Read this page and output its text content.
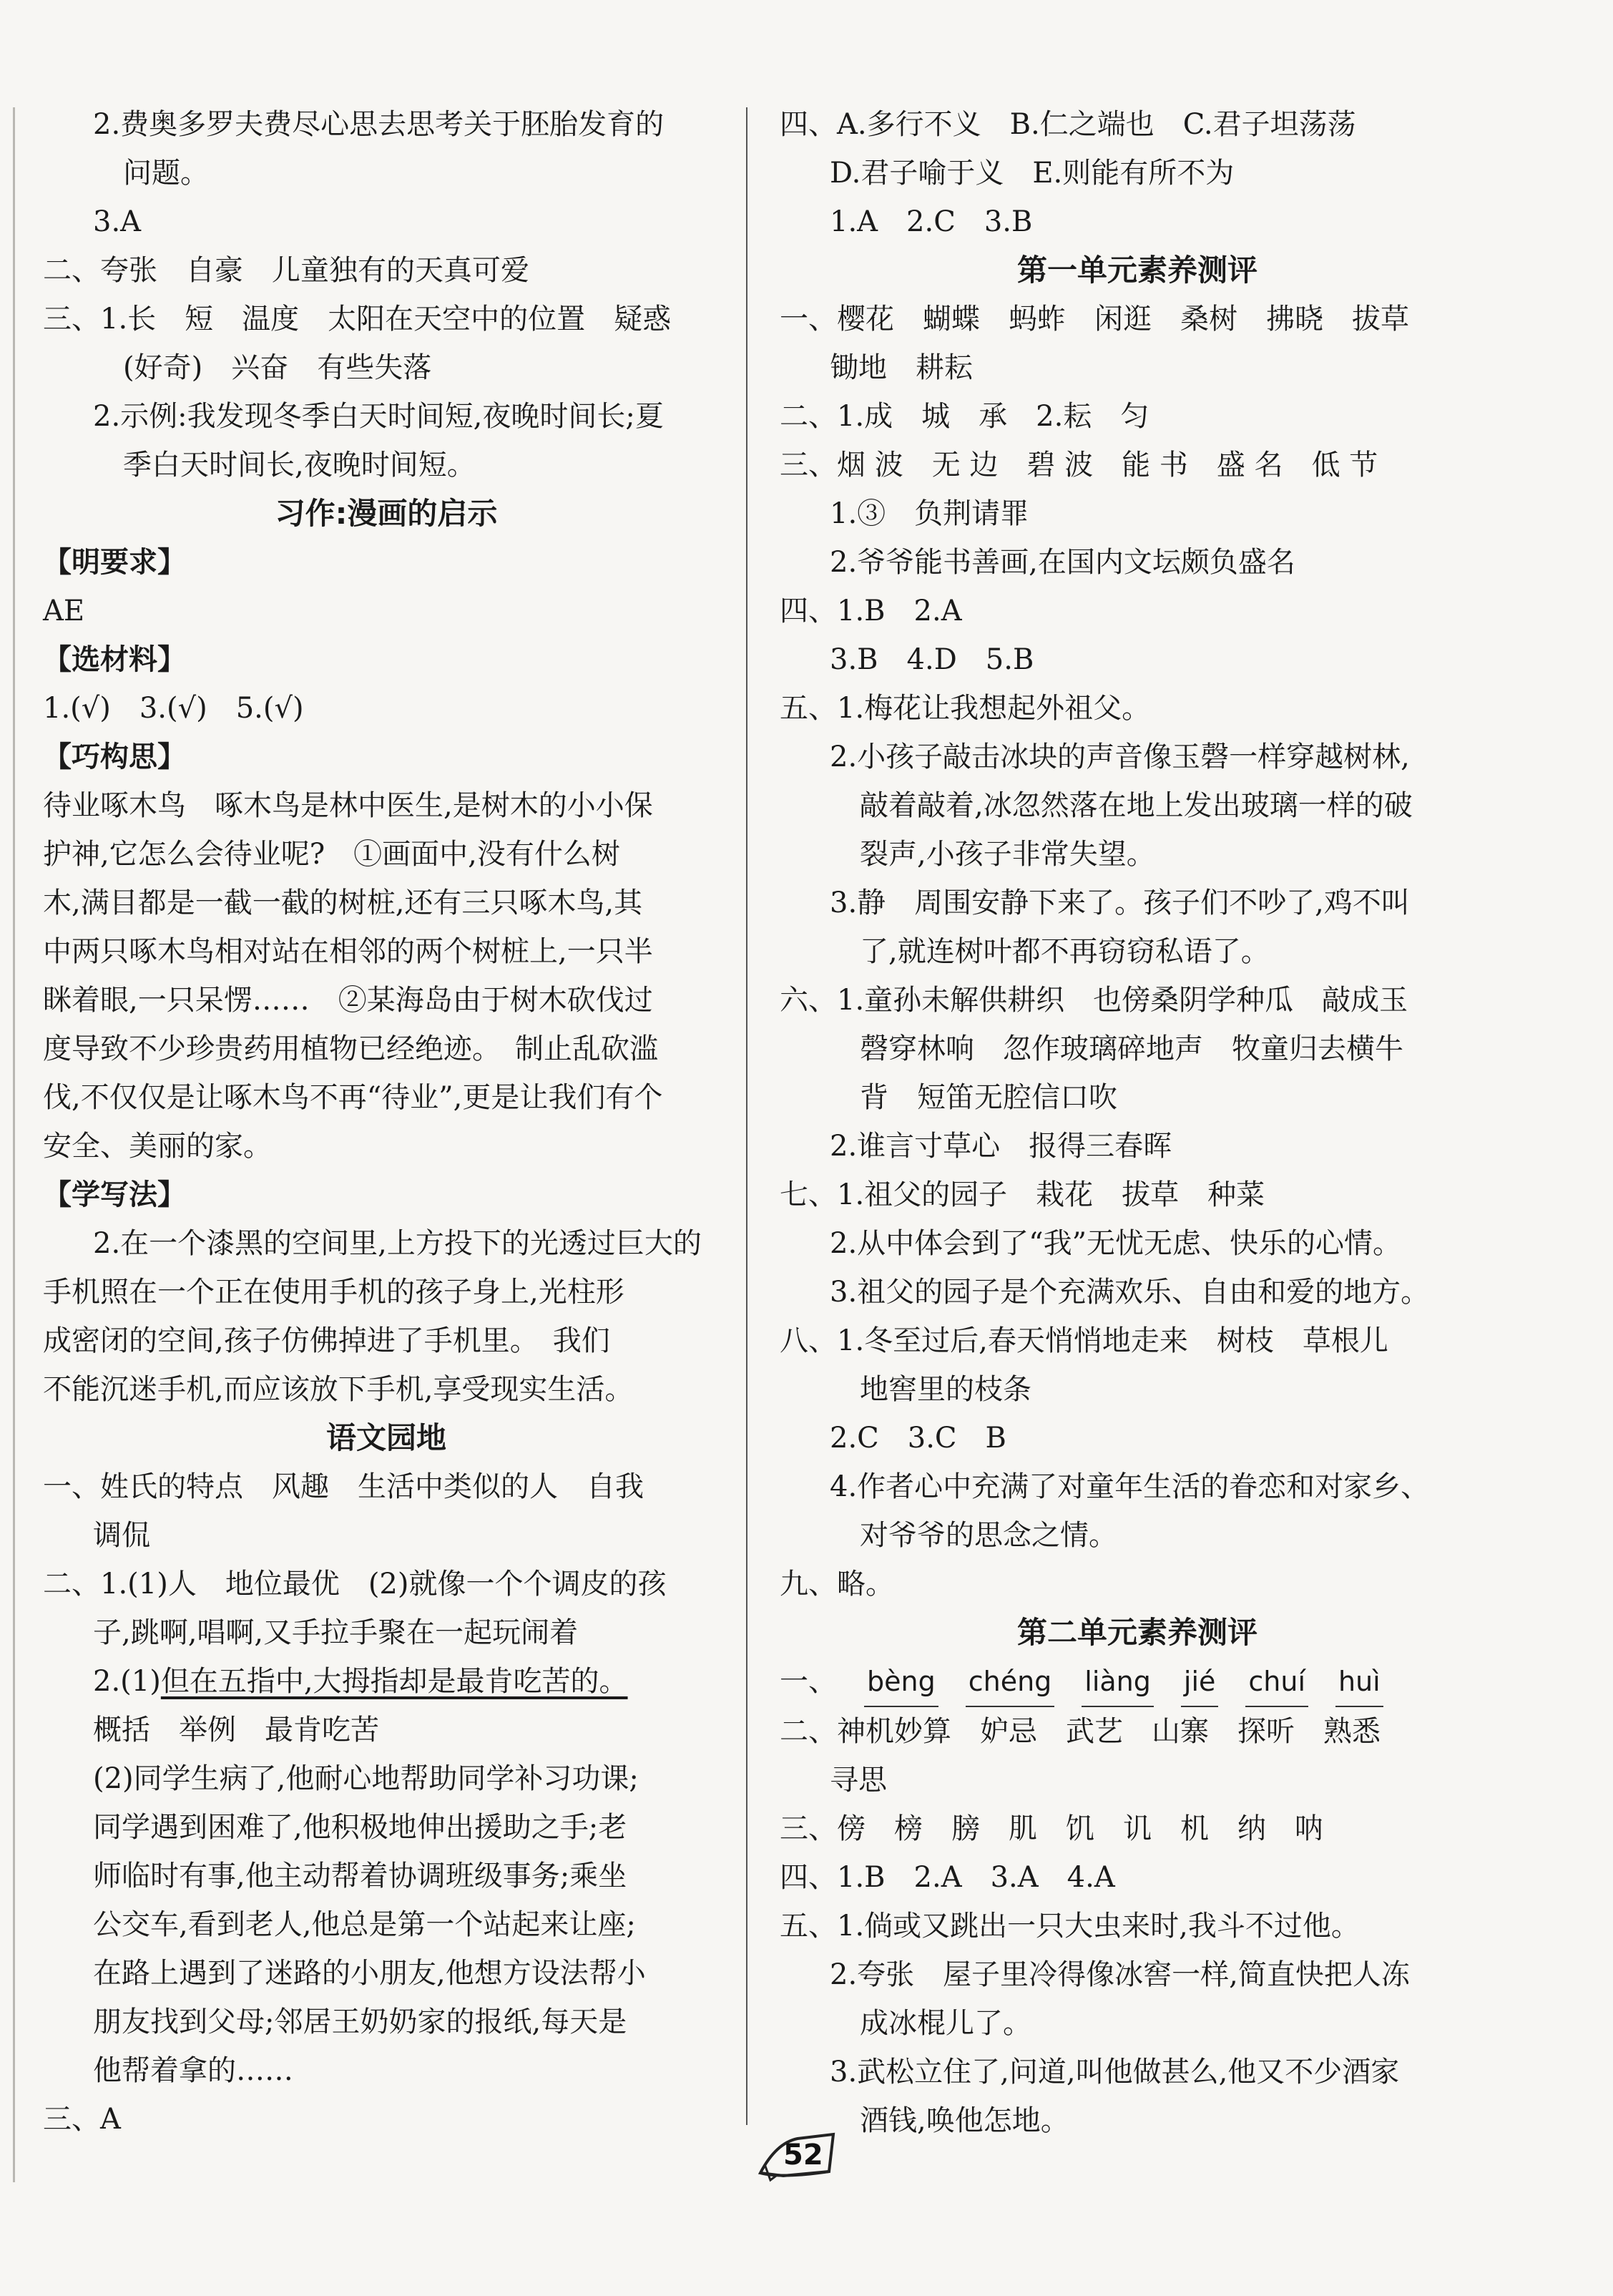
2.费奥多罗夫费尽心思去思考关于胚胎发育的
问题。
3.A
二、夸张　自豪　儿童独有的天真可爱
三、1.长　短　温度　太阳在天空中的位置　疑惑
(好奇)　兴奋　有些失落
2.示例:我发现冬季白天时间短,夜晚时间长;夏
季白天时间长,夜晚时间短。
习作:漫画的启示
【明要求】
AE
【选材料】
1.(√)　3.(√)　5.(√)
【巧构思】
待业啄木鸟　啄木鸟是林中医生,是树木的小小保
护神,它怎么会待业呢?　①画面中,没有什么树
木,满目都是一截一截的树桩,还有三只啄木鸟,其
中两只啄木鸟相对站在相邻的两个树桩上,一只半
眯着眼,一只呆愣……　②某海岛由于树木砍伐过
度导致不少珍贵药用植物已经绝迹。　制止乱砍滥
伐,不仅仅是让啄木鸟不再“待业”,更是让我们有个
安全、美丽的家。
【学写法】
2.在一个漆黑的空间里,上方投下的光透过巨大的
手机照在一个正在使用手机的孩子身上,光柱形
成密闭的空间,孩子仿佛掉进了手机里。　我们
不能沉迷手机,而应该放下手机,享受现实生活。
语文园地
一、姓氏的特点　风趣　生活中类似的人　自我
调侃
二、1.(1)人　地位最优　(2)就像一个个调皮的孩
子,跳啊,唱啊,又手拉手聚在一起玩闹着
2.(1)但在五指中,大拇指却是最肯吃苦的。
概括　举例　最肯吃苦
(2)同学生病了,他耐心地帮助同学补习功课;
同学遇到困难了,他积极地伸出援助之手;老
师临时有事,他主动帮着协调班级事务;乘坐
公交车,看到老人,他总是第一个站起来让座;
在路上遇到了迷路的小朋友,他想方设法帮小
朋友找到父母;邻居王奶奶家的报纸,每天是
他帮着拿的……
三、A
四、A.多行不义　B.仁之端也　C.君子坦荡荡
D.君子喻于义　E.则能有所不为
1.A　2.C　3.B
第一单元素养测评
一、樱花　蝴蝶　蚂蚱　闲逛　桑树　拂晓　拔草
锄地　耕耘
二、1.成　城　承　2.耘　匀
三、烟 波　无 边　碧 波　能 书　盛 名　低 节
1.③　负荆请罪
2.爷爷能书善画,在国内文坛颇负盛名
四、1.B　2.A
3.B　4.D　5.B
五、1.梅花让我想起外祖父。
2.小孩子敲击冰块的声音像玉磬一样穿越树林,
敲着敲着,冰忽然落在地上发出玻璃一样的破
裂声,小孩子非常失望。
3.静　周围安静下来了。孩子们不吵了,鸡不叫
了,就连树叶都不再窃窃私语了。
六、1.童孙未解供耕织　也傍桑阴学种瓜　敲成玉
磬穿林响　忽作玻璃碎地声　牧童归去横牛
背　短笛无腔信口吹
2.谁言寸草心　报得三春晖
七、1.祖父的园子　栽花　拔草　种菜
2.从中体会到了“我”无忧无虑、快乐的心情。
3.祖父的园子是个充满欢乐、自由和爱的地方。
八、1.冬至过后,春天悄悄地走来　树枝　草根儿
地窖里的枝条
2.C　3.C　B
4.作者心中充满了对童年生活的眷恋和对家乡、
对爷爷的思念之情。
九、略。
第二单元素养测评
一、 bèng chéng liàng jié chuí huì
二、神机妙算　妒忌　武艺　山寨　探听　熟悉
寻思
三、傍　榜　膀　肌　饥　讥　机　纳　呐
四、1.B　2.A　3.A　4.A
五、1.倘或又跳出一只大虫来时,我斗不过他。
2.夸张　屋子里冷得像冰窖一样,简直快把人冻
成冰棍儿了。
3.武松立住了,问道,叫他做甚么,他又不少酒家
酒钱,唤他怎地。
52
